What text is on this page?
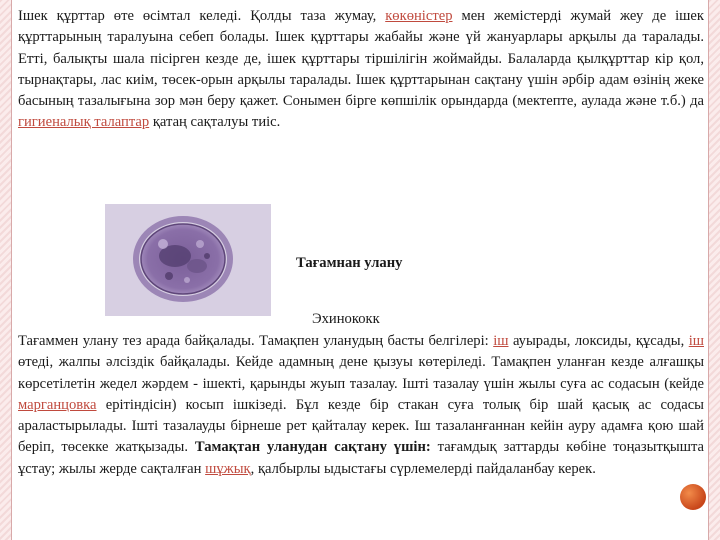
Ішек құрттар өте өсімтал келеді. Қолды таза жумау, көкөністер мен жемістерді жумай жеу де ішек құрттарының таралуына себеп болады. Ішек құрттары жабайы және үй жануарлары арқылы да таралады. Етті, балықты шала пісірген кезде де, ішек құрттары тіршілігін жоймайды. Балаларда қылқұрттар кір қол, тырнақтары, лас киім, төсек-орын арқылы таралады. Ішек құрттарынан сақтану үшін әрбір адам өзінің жеке басының тазалығына зор мән беру қажет. Сонымен бірге көпшілік орындарда (мектепте, аулада және т.б.) да гигиеналық талаптар қатаң сақталуы тиіс.

Тағамнан улану
Эхинококк

Тағаммен улану тез арада байқалады. Тамақпен уланудың басты белгілері: іш ауырады, локсиды, құсады, іш өтеді, жалпы әлсіздік байқалады. Кейде адамның дене қызуы көтеріледі. Тамақпен уланған кезде алғашқы көрсетілетін жедел жәрдем - ішекті, қарынды жуып тазалау. Ішті тазалау үшін жылы суға ас содасын (кейде марганцовка ерітіндісін) косып ішкізеді. Бұл кезде бір стакан суға толық бір шай қасық ас содасы араластырылады. Ішті тазалауды бірнеше рет қайталау керек. Іш тазаланғаннан кейін ауру адамға қою шай беріп, төсекке жатқызады. Тамақтан уланудан сақтану үшін: тағамдық заттарды көбіне тоңазытқышта ұстау; жылы жерде сақталған шұжық, қалбырлы ыдыстағы сүрлемелерді пайдаланбау керек.
